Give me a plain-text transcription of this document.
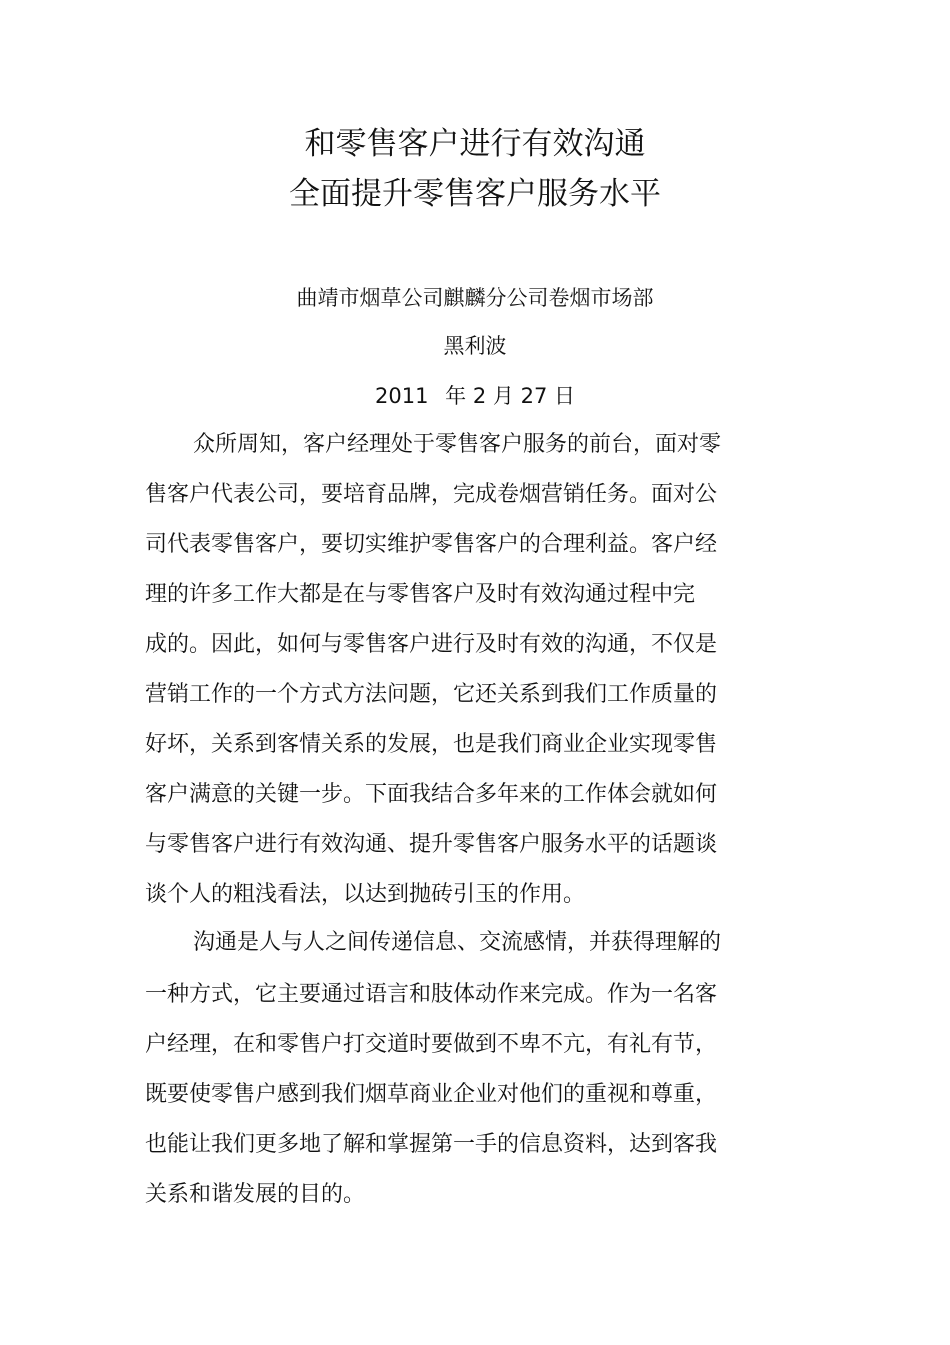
和零售客户进行有效沟通
全面提升零售客户服务水平
曲靖市烟草公司麒麟分公司卷烟市场部
黑利波
2011 年 2 月 27 日
众所周知，客户经理处于零售客户服务的前台，面对零
售客户代表公司，要培育品牌，完成卷烟营销任务。面对公
司代表零售客户，要切实维护零售客户的合理利益。客户经
理的许多工作大都是在与零售客户及时有效沟通过程中完
成的。因此，如何与零售客户进行及时有效的沟通，不仅是
营销工作的一个方式方法问题，它还关系到我们工作质量的
好坏，关系到客情关系的发展，也是我们商业企业实现零售
客户满意的关键一步。下面我结合多年来的工作体会就如何
与零售客户进行有效沟通、提升零售客户服务水平的话题谈
谈个人的粗浅看法，以达到抛砖引玉的作用。
沟通是人与人之间传递信息、交流感情，并获得理解的
一种方式，它主要通过语言和肢体动作来完成。作为一名客
户经理，在和零售户打交道时要做到不卑不亢，有礼有节，
既要使零售户感到我们烟草商业企业对他们的重视和尊重，
也能让我们更多地了解和掌握第一手的信息资料，达到客我
关系和谐发展的目的。
